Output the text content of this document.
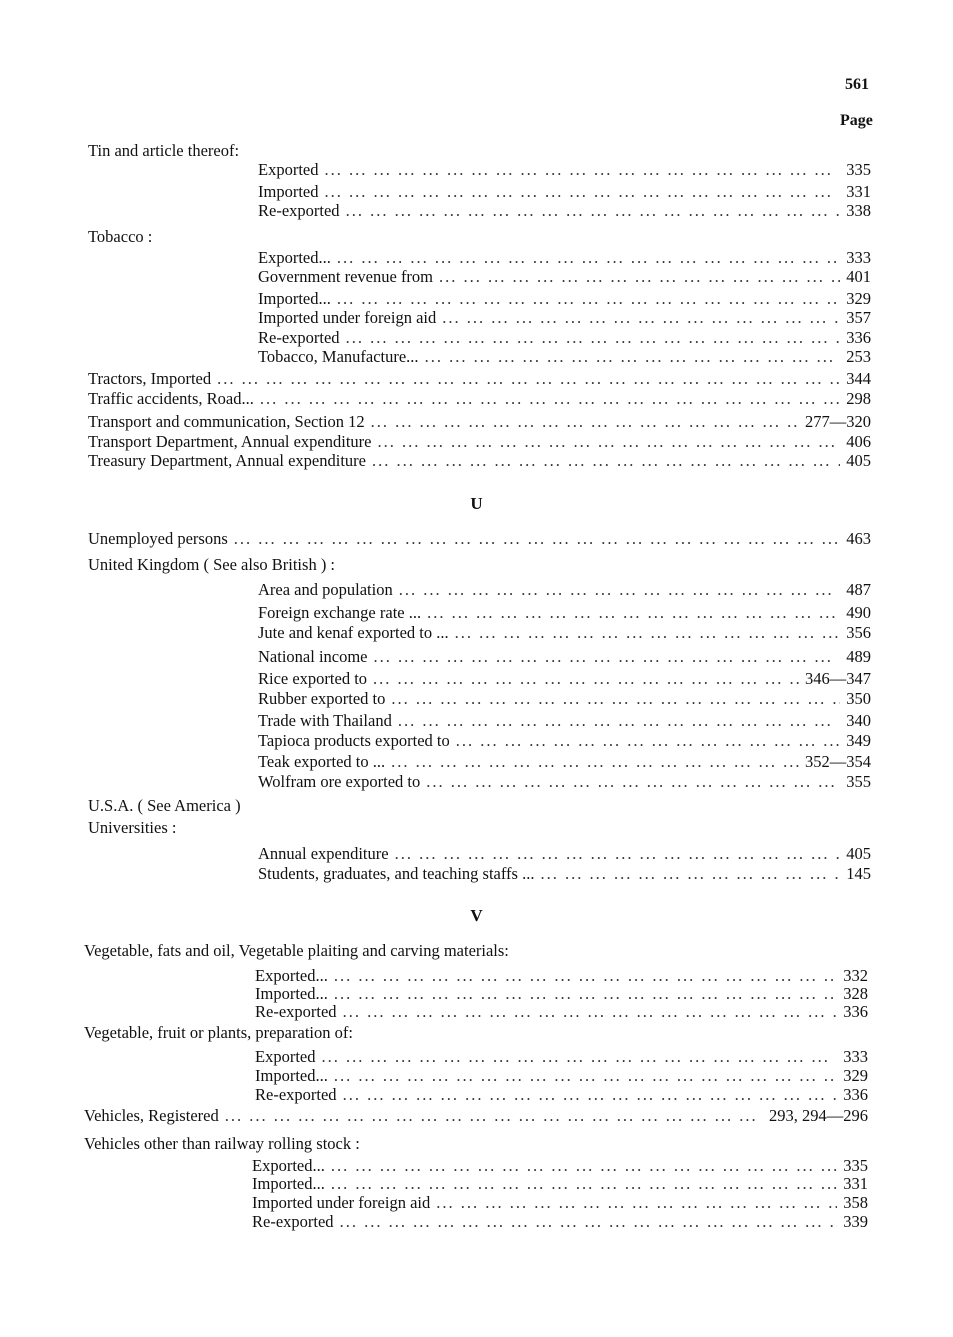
561
Page
Tin and article thereof:
Exported ... .	335
Imported ... .	331
Re-exported ... .	338
Tobacco :
Exported... ... .	333
Government revenue from ... .	401
Imported... ... .	329
Imported under foreign aid ... .	357
Re-exported ... .	336
Tobacco, Manufacture... ... .	253
Tractors, Imported ... .	344
Traffic accidents, Road... ... .	298
Transport and communication, Section 12 ... .	277—320
Transport Department, Annual expenditure ... .	406
Treasury Department, Annual expenditure ... .	405
U
Unemployed persons ... .	463
United Kingdom ( See also British ) :
Area and population ... .	487
Foreign exchange rate ... ... .	490
Jute and kenaf exported to ... ... .	356
National income ... .	489
Rice exported to ... .	346—347
Rubber exported to ... .	350
Trade with Thailand ... .	340
Tapioca products exported to ... .	349
Teak exported to ... ... .	352—354
Wolfram ore exported to ... .	355
U.S.A. ( See America )
Universities :
Annual expenditure ... .	405
Students, graduates, and teaching staffs ... ... .	145
V
Vegetable, fats and oil, Vegetable plaiting and carving materials:
Exported... ... .	332
Imported... ... .	328
Re-exported ... .	336
Vegetable, fruit or plants, preparation of:
Exported ... .	333
Imported... ... .	329
Re-exported ... .	336
Vehicles, Registered ... .	293, 294—296
Vehicles other than railway rolling stock :
Exported... ... .	335
Imported... ... .	331
Imported under foreign aid ... .	358
Re-exported ... .	339
